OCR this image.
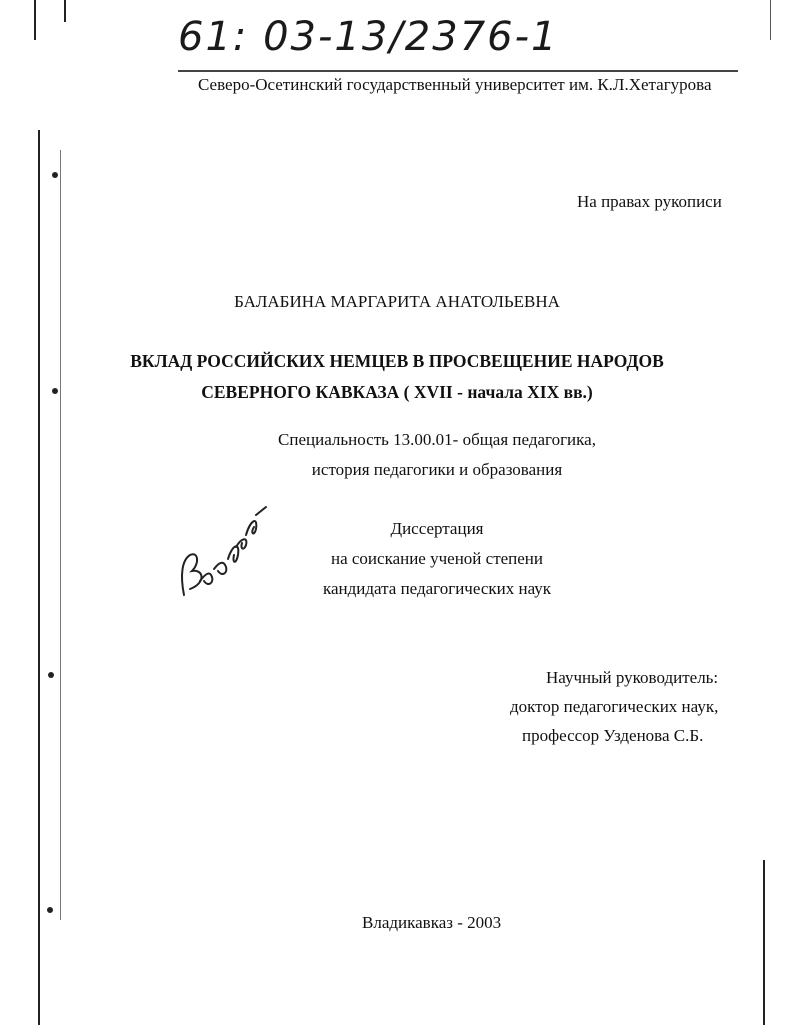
61: 03-13/2376-1
Северо-Осетинский государственный университет им. К.Л.Хетагурова
На правах рукописи
БАЛАБИНА МАРГАРИТА АНАТОЛЬЕВНА
ВКЛАД РОССИЙСКИХ НЕМЦЕВ В ПРОСВЕЩЕНИЕ НАРОДОВ
СЕВЕРНОГО КАВКАЗА ( XVII - начала XIX вв.)
Специальность 13.00.01- общая педагогика,
история педагогики и образования
Диссертация
на соискание ученой степени
кандидата педагогических наук
Научный руководитель:
доктор педагогических наук,
профессор Узденова С.Б.
Владикавказ - 2003
